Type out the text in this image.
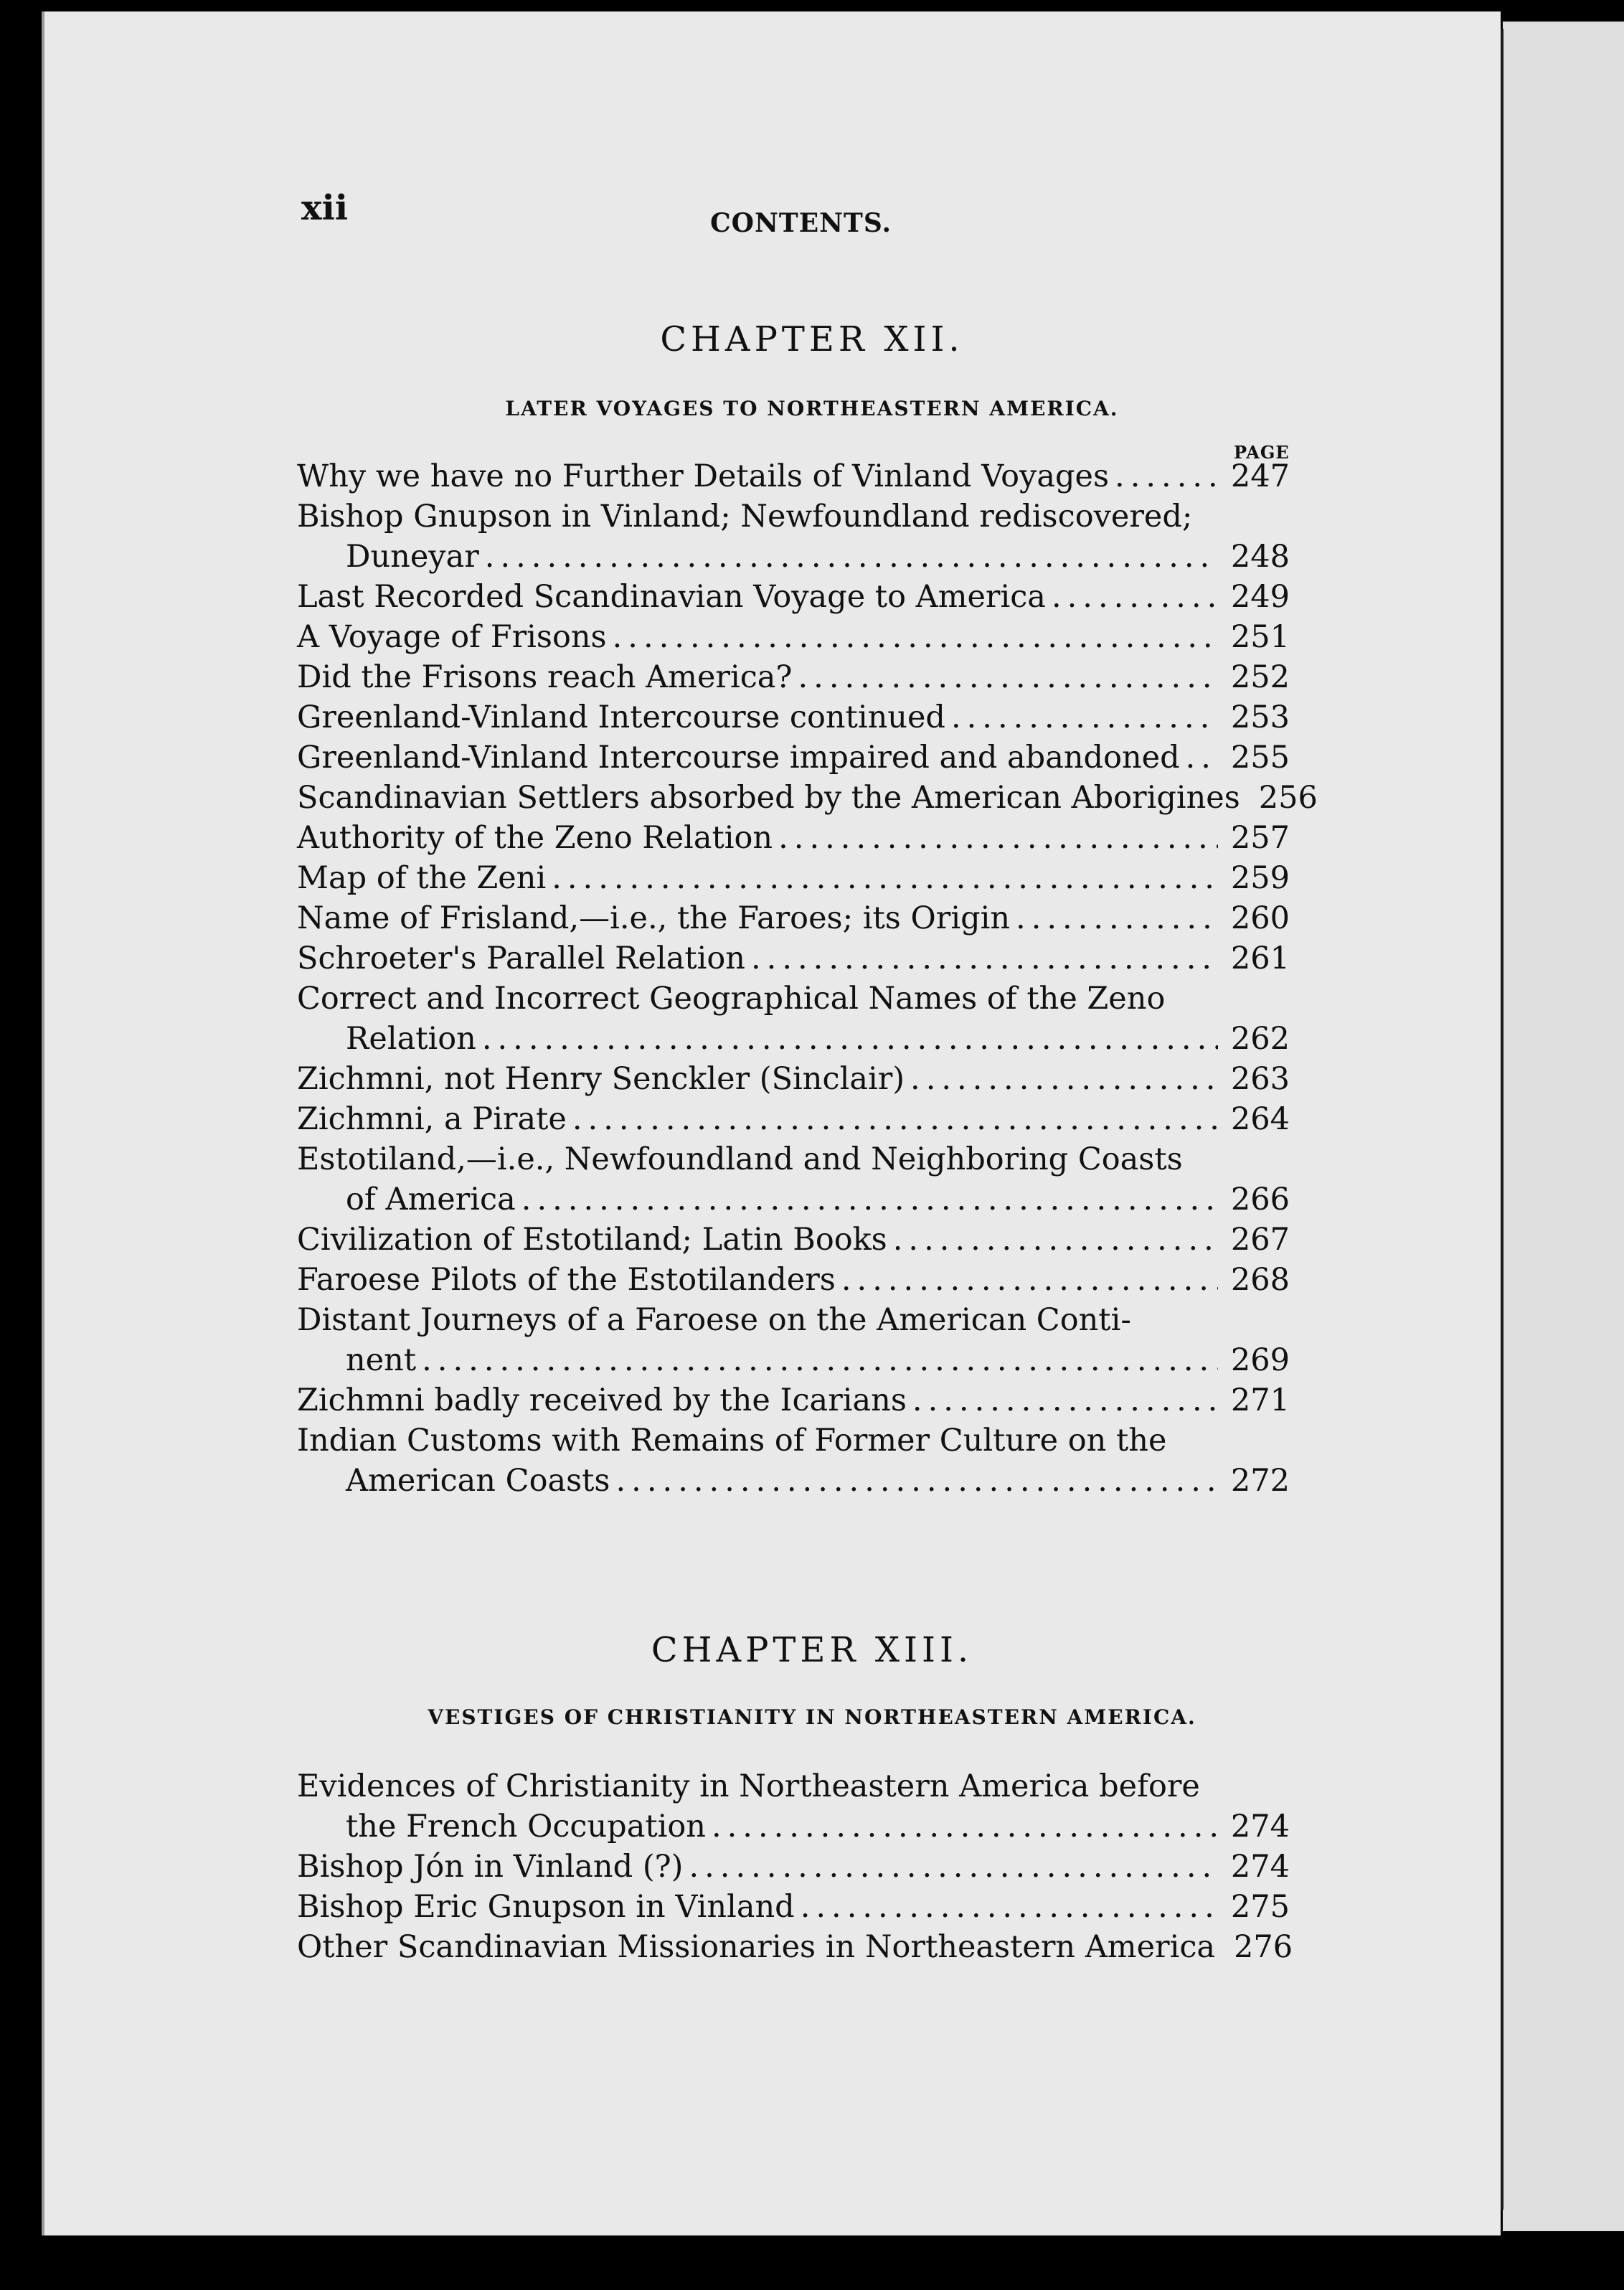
xii	CONTENTS.
CHAPTER XII.
LATER VOYAGES TO NORTHEASTERN AMERICA.
PAGE
Why we have no Further Details of Vinland Voyages .....	247
Bishop Gnupson in Vinland; Newfoundland rediscovered;
Duneyar .....	248
Last Recorded Scandinavian Voyage to America .....	249
A Voyage of Frisons .....	251
Did the Frisons reach America? .....	252
Greenland-Vinland Intercourse continued .....	253
Greenland-Vinland Intercourse impaired and abandoned ..... 255
Scandinavian Settlers absorbed by the American Aborigines 256
Authority of the Zeno Relation .....	257
Map of the Zeni .....	259
Name of Frisland,—i.e., the Faroes; its Origin .....	260
Schroeter's Parallel Relation .....	261
Correct and Incorrect Geographical Names of the Zeno
Relation .....	262
Zichmni, not Henry Senckler (Sinclair) .....	263
Zichmni, a Pirate .....	264
Estotiland,—i.e., Newfoundland and Neighboring Coasts
of America .....	266
Civilization of Estotiland; Latin Books .....	267
Faroese Pilots of the Estotilanders .....	268
Distant Journeys of a Faroese on the American Conti-
nent .....	269
Zichmni badly received by the Icarians .....	271
Indian Customs with Remains of Former Culture on the
American Coasts .....	272
CHAPTER XIII.
VESTIGES OF CHRISTIANITY IN NORTHEASTERN AMERICA.
Evidences of Christianity in Northeastern America before
the French Occupation .....	274
Bishop Jón in Vinland (?) .....	274
Bishop Eric Gnupson in Vinland .....	275
Other Scandinavian Missionaries in Northeastern America 276
